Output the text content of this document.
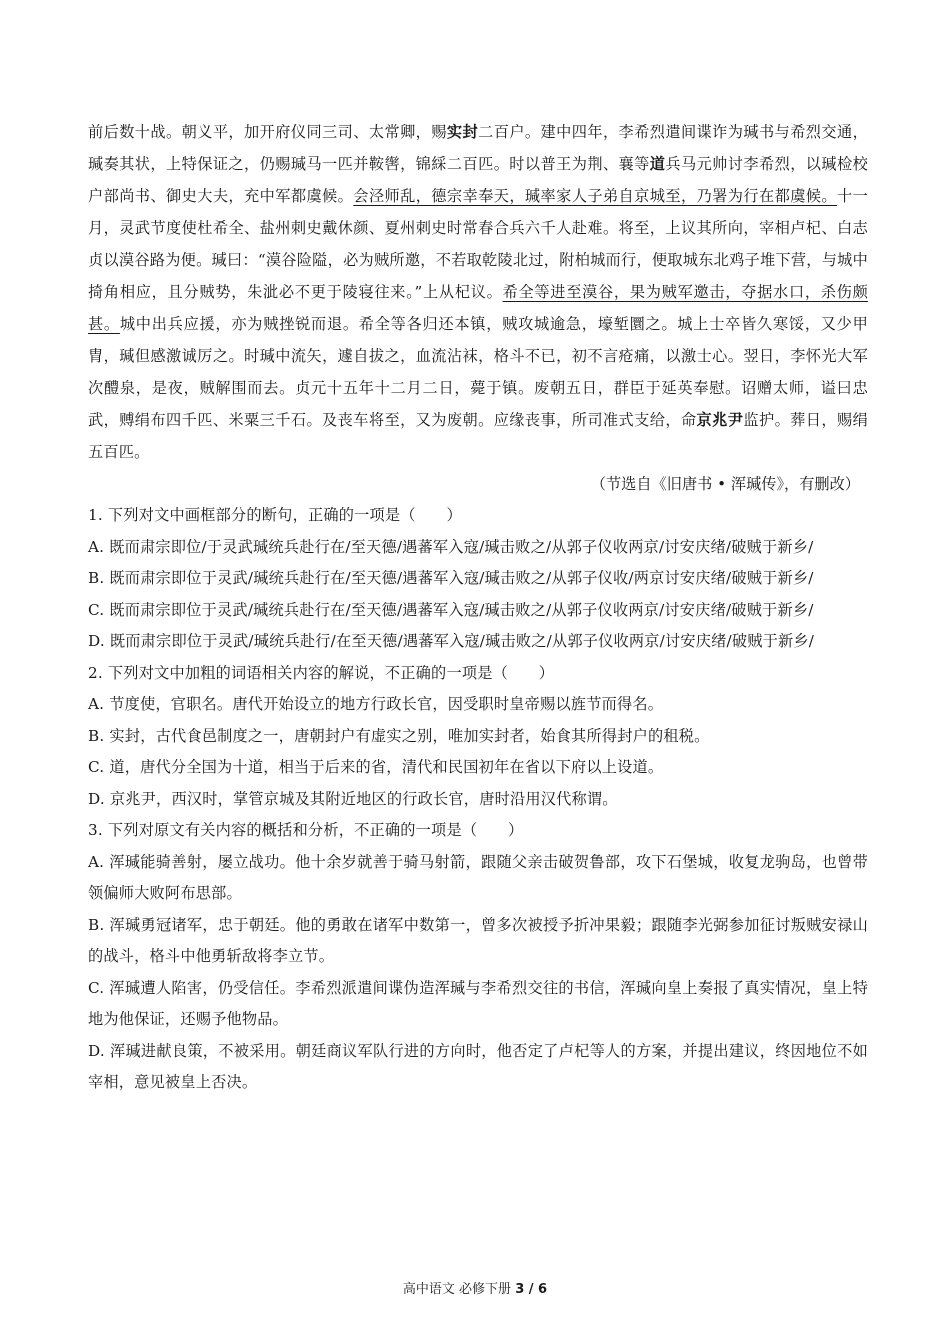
前后数十战。朝义平，加开府仪同三司、太常卿，赐实封二百户。建中四年，李希烈遣间谍诈为瑊书与希烈交通，瑊奏其状，上特保证之，仍赐瑊马一匹并鞍辔，锦綵二百匹。时以普王为荆、襄等道兵马元帅讨李希烈，以瑊检校户部尚书、御史大夫，充中军都虞候。会泾师乱，德宗幸奉天，瑊率家人子弟自京城至，乃署为行在都虞候。十一月，灵武节度使杜希全、盐州刺史戴休颜、夏州刺史时常春合兵六千人赴难。将至，上议其所向，宰相卢杞、白志贞以漠谷路为便。瑊曰：“漠谷险隘，必为贼所邀，不若取乾陵北过，附柏城而行，便取城东北鸡子堆下营，与城中掎角相应，且分贼势，朱泚必不更于陵寝往来。”上从杞议。希全等进至漠谷，果为贼军邀击，夺据水口，杀伤颇甚。城中出兵应援，亦为贼挫锐而退。希全等各归还本镇，贼攻城逾急，壕堑圜之。城上士卒皆久寒馁，又少甲胄，瑊但感激诚厉之。时瑊中流矢，遽自拔之，血流沾袜，格斗不已，初不言疮痛，以激士心。翌日，李怀光大军次醴泉，是夜，贼解围而去。贞元十五年十二月二日，薨于镇。废朝五日，群臣于延英奉慰。诏赠太师，谥曰忠武，赙绢布四千匹、米粟三千石。及丧车将至，又为废朝。应缘丧事，所司准式支给，命京兆尹监护。葬日，赐绢五百匹。
（节选自《旧唐书 • 浑瑊传》，有删改）
1. 下列对文中画框部分的断句，正确的一项是（　　）
A. 既而肃宗即位/于灵武瑊统兵赴行在/至天德/遇蕃军入寇/瑊击败之/从郭子仪收两京/讨安庆绪/破贼于新乡/
B. 既而肃宗即位于灵武/瑊统兵赴行在/至天德/遇蕃军入寇/瑊击败之/从郭子仪收/两京讨安庆绪/破贼于新乡/
C. 既而肃宗即位于灵武/瑊统兵赴行在/至天德/遇蕃军入寇/瑊击败之/从郭子仪收两京/讨安庆绪/破贼于新乡/
D. 既而肃宗即位于灵武/瑊统兵赴行/在至天德/遇蕃军入寇/瑊击败之/从郭子仪收两京/讨安庆绪/破贼于新乡/
2. 下列对文中加粗的词语相关内容的解说，不正确的一项是（　　）
A. 节度使，官职名。唐代开始设立的地方行政长官，因受职时皇帝赐以旌节而得名。
B. 实封，古代食邑制度之一，唐朝封户有虚实之别，唯加实封者，始食其所得封户的租税。
C. 道，唐代分全国为十道，相当于后来的省，清代和民国初年在省以下府以上设道。
D. 京兆尹，西汉时，掌管京城及其附近地区的行政长官，唐时沿用汉代称谓。
3. 下列对原文有关内容的概括和分析，不正确的一项是（　　）
A. 浑瑊能骑善射，屡立战功。他十余岁就善于骑马射箭，跟随父亲击破贺鲁部，攻下石堡城，收复龙驹岛，也曾带领偏师大败阿布思部。
B. 浑瑊勇冠诸军，忠于朝廷。他的勇敢在诸军中数第一，曾多次被授予折冲果毅；跟随李光弼参加征讨叛贼安禄山的战斗，格斗中他勇斩敌将李立节。
C. 浑瑊遭人陷害，仍受信任。李希烈派遣间谍伪造浑瑊与李希烈交往的书信，浑瑊向皇上奏报了真实情况，皇上特地为他保证，还赐予他物品。
D. 浑瑊进献良策，不被采用。朝廷商议军队行进的方向时，他否定了卢杞等人的方案，并提出建议，终因地位不如宰相，意见被皇上否决。
高中语文 必修下册 3 / 6
